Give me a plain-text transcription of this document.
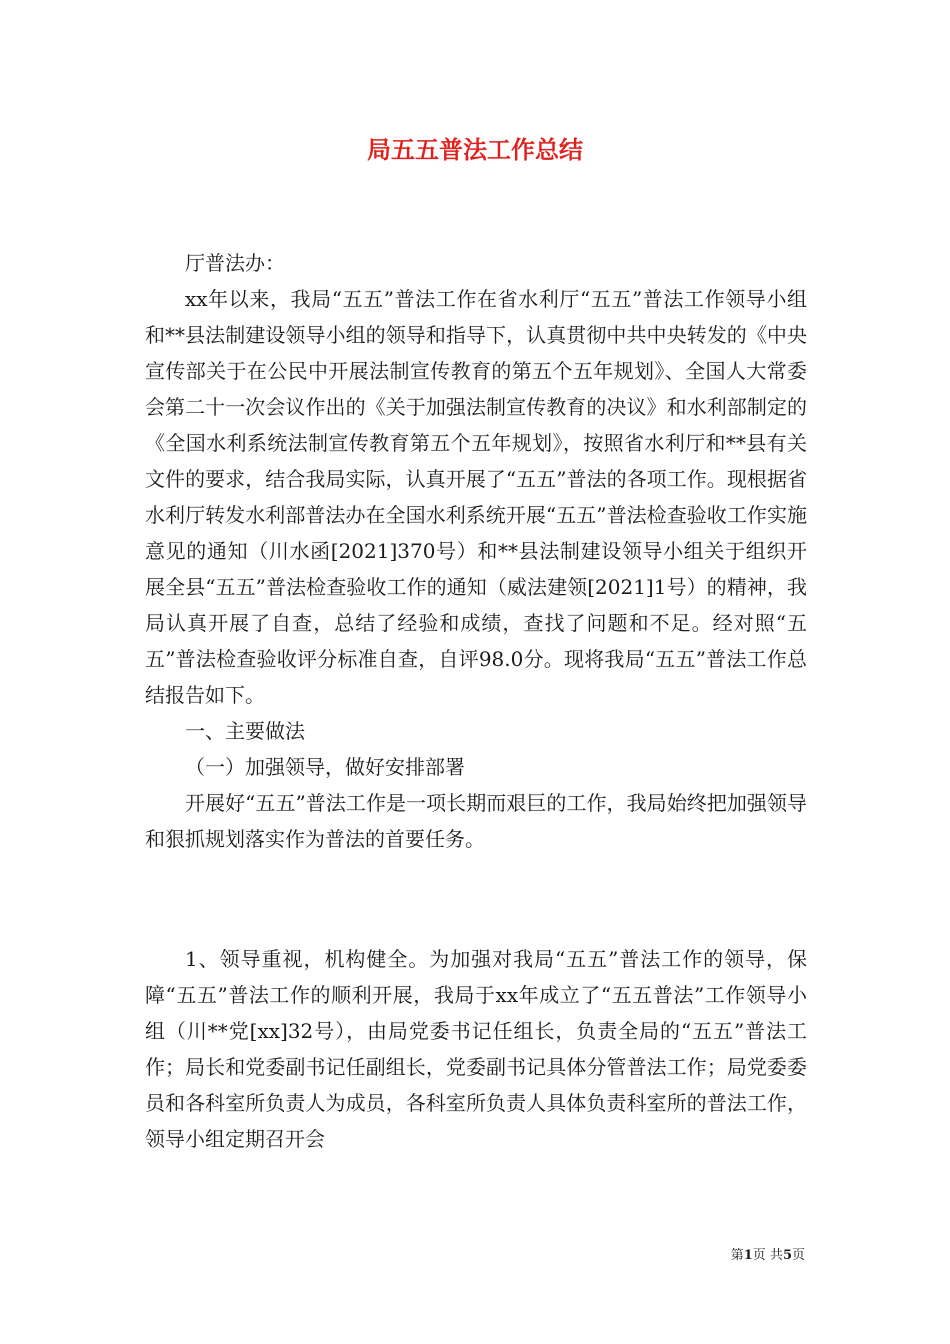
局五五普法工作总结

厅普法办：

xx年以来，我局“五五”普法工作在省水利厅“五五”普法工作领导小组和**县法制建设领导小组的领导和指导下，认真贯彻中共中央转发的《中央宣传部关于在公民中开展法制宣传教育的第五个五年规划》、全国人大常委会第二十一次会议作出的《关于加强法制宣传教育的决议》和水利部制定的《全国水利系统法制宣传教育第五个五年规划》，按照省水利厅和**县有关文件的要求，结合我局实际，认真开展了“五五”普法的各项工作。现根据省水利厅转发水利部普法办在全国水利系统开展“五五”普法检查验收工作实施意见的通知（川水函[2021]370号）和**县法制建设领导小组关于组织开展全县“五五”普法检查验收工作的通知（威法建领[2021]1号）的精神，我局认真开展了自查，总结了经验和成绩，查找了问题和不足。经对照“五五”普法检查验收评分标准自查，自评98.0分。现将我局“五五”普法工作总结报告如下。

一、主要做法

（一）加强领导，做好安排部署

开展好“五五”普法工作是一项长期而艰巨的工作，我局始终把加强领导和狠抓规划落实作为普法的首要任务。

1、领导重视，机构健全。为加强对我局“五五”普法工作的领导，保障“五五”普法工作的顺利开展，我局于xx年成立了“五五普法”工作领导小组（川**党[xx]32号），由局党委书记任组长，负责全局的“五五”普法工作；局长和党委副书记任副组长，党委副书记具体分管普法工作；局党委委员和各科室所负责人为成员，各科室所负责人具体负责科室所的普法工作，领导小组定期召开会

第1页 共5页
